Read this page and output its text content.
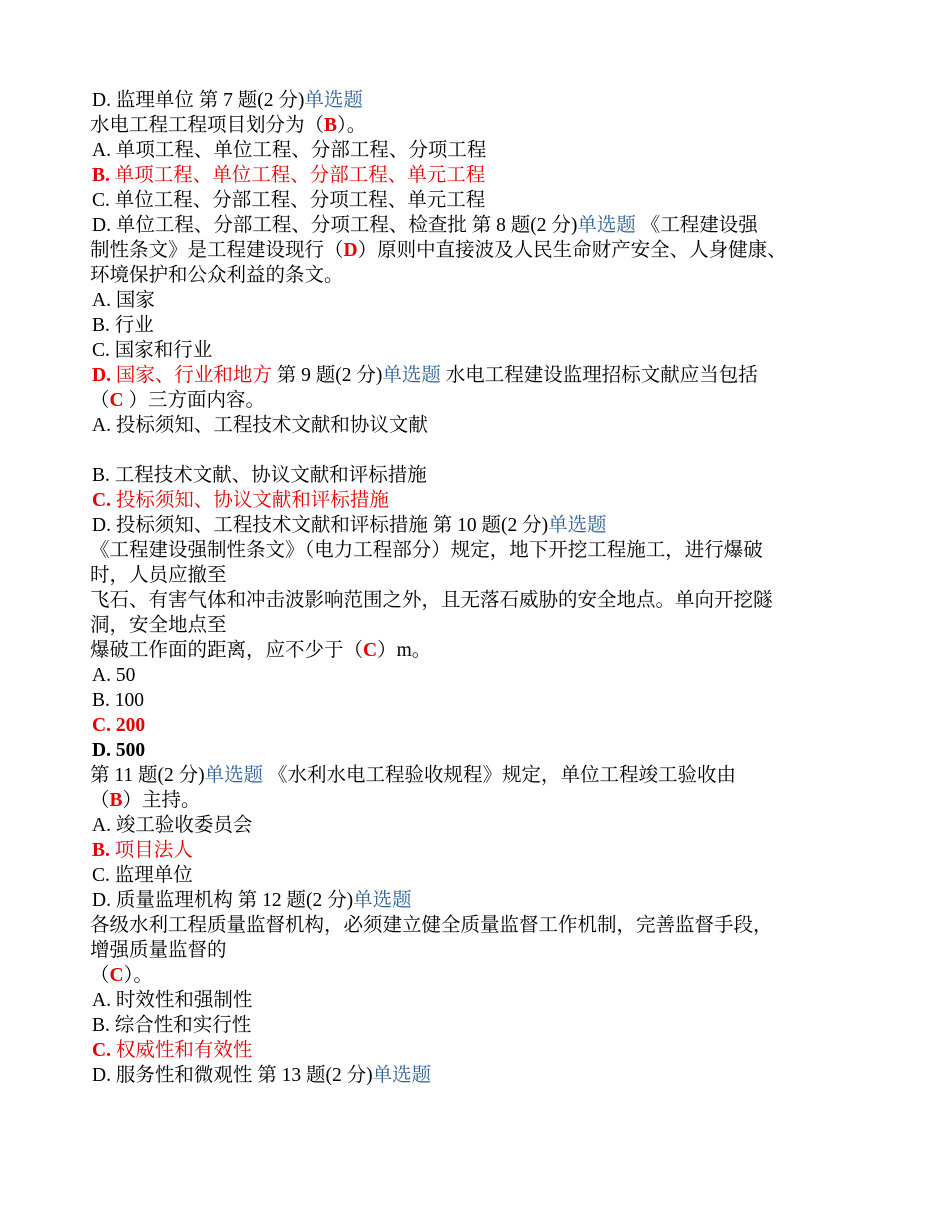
D. 监理单位 第 7 题(2 分)单选题
水电工程工程项目划分为（B）。
A. 单项工程、单位工程、分部工程、分项工程
B. 单项工程、单位工程、分部工程、单元工程
C. 单位工程、分部工程、分项工程、单元工程
D. 单位工程、分部工程、分项工程、检查批 第 8 题(2 分)单选题 《工程建设强
制性条文》是工程建设现行（D）原则中直接波及人民生命财产安全、人身健康、
环境保护和公众利益的条文。
A. 国家
B. 行业
C. 国家和行业
D. 国家、行业和地方 第 9 题(2 分)单选题 水电工程建设监理招标文献应当包括
（C ）三方面内容。
A. 投标须知、工程技术文献和协议文献
B. 工程技术文献、协议文献和评标措施
C. 投标须知、协议文献和评标措施
D. 投标须知、工程技术文献和评标措施 第 10 题(2 分)单选题
《工程建设强制性条文》（电力工程部分）规定，地下开挖工程施工，进行爆破
时，人员应撤至
飞石、有害气体和冲击波影响范围之外，且无落石威胁的安全地点。单向开挖隧
洞，安全地点至
爆破工作面的距离，应不少于（C）m。
A. 50
B. 100
C. 200
D. 500
第 11 题(2 分)单选题 《水利水电工程验收规程》规定，单位工程竣工验收由
（B）主持。
A. 竣工验收委员会
B. 项目法人
C. 监理单位
D. 质量监理机构 第 12 题(2 分)单选题
各级水利工程质量监督机构，必须建立健全质量监督工作机制，完善监督手段，
增强质量监督的
（C）。
A. 时效性和强制性
B. 综合性和实行性
C. 权威性和有效性
D. 服务性和微观性 第 13 题(2 分)单选题
